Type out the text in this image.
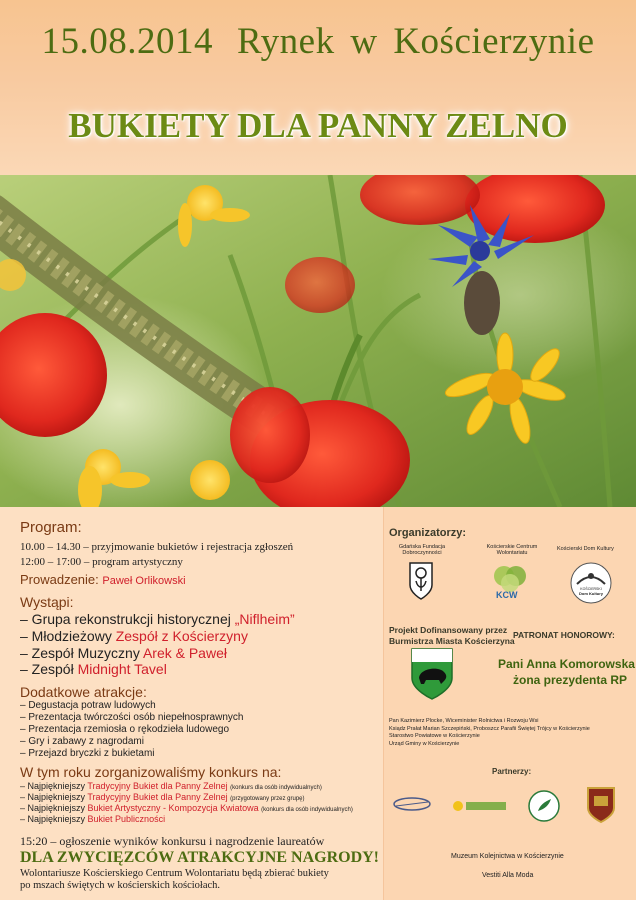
15.08.2014 Rynek w Kościerzynie
BUKIETY DLA PANNY ZELNO
Program:
10.00 – 14.30 – przyjmowanie bukietów i rejestracja zgłoszeń
12:00 – 17:00 – program artystyczny
Prowadzenie: Paweł Orlikowski
Wystąpi:
– Grupa rekonstrukcji historycznej „Niflheim”
– Młodzieżowy Zespół z Kościerzyny
– Zespół Muzyczny Arek & Paweł
– Zespół Midnight Tavel
Dodatkowe atrakcje:
– Degustacja potraw ludowych
– Prezentacja twórczości osób niepełnosprawnych
– Prezentacja rzemiosła o rękodzieła ludowego
– Gry i zabawy z nagrodami
– Przejazd bryczki z bukietami
W tym roku zorganizowaliśmy konkurs na:
– Najpiękniejszy Tradycyjny Bukiet dla Panny Zelnej (konkurs dla osób indywidualnych)
– Najpiękniejszy Tradycyjny Bukiet dla Panny Zelnej (przygotowany przez grupę)
– Najpiękniejszy Bukiet Artystyczny - Kompozycja Kwiatowa (konkurs dla osób indywidualnych)
– Najpiękniejszy Bukiet Publiczności
15:20 – ogłoszenie wyników konkursu i nagrodzenie laureatów
DLA ZWYCIĘZCÓW ATRAKCYJNE NAGRODY!
Wolontariusze Kościerskiego Centrum Wolontariatu będą zbierać bukiety
po mszach świętych w kościerskich kościołach.
Organizatorzy:
Gdańska Fundacja
Dobroczynności
Kościerskie Centrum
Wolontariatu
KCW
Kościerski Dom Kultury
KOŚCIERSKI
Dom Kultury
Projekt Dofinansowany przez
Burmistrza Miasta Kościerzyna
PATRONAT HONOROWY:
Pani Anna Komorowska
żona prezydenta RP
Pan Kazimierz Plocke, Wiceminister Rolnictwa i Rozwoju Wsi
Ksiądz Prałat Marian Szczepiński, Proboszcz Parafii Świętej Trójcy w Kościerzynie
Starostwo Powiatowe w Kościerzynie
Urząd Gminy w Kościerzynie
Partnerzy:
Muzeum Kolejnictwa w Kościerzynie
Vestiti Alla Moda
